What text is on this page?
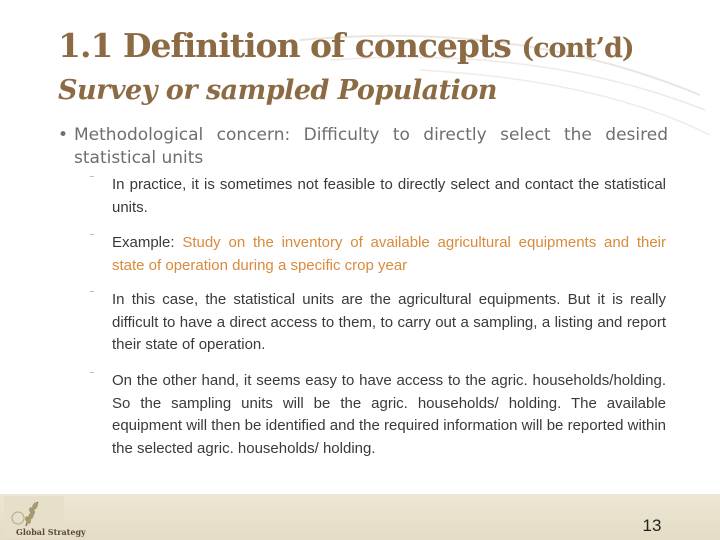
1.1 Definition of concepts (cont’d)
Survey or sampled Population
• Methodological concern: Difficulty to directly select the desired statistical units
‾	In practice, it is sometimes not feasible to directly select and contact the statistical units.
‾	Example: Study on the inventory of available agricultural equipments and their state of operation during a specific crop year
‾	In this case, the statistical units are the agricultural equipments. But it is really difficult to have a direct access to them, to carry out a sampling, a listing and report their state of operation.
‾	On the other hand, it seems easy to have access to the agric. households/holding. So the sampling units will be the agric. households/ holding. The available equipment will then be identified and the required information will be reported within the selected agric. households/ holding.
Global Strategy	13
